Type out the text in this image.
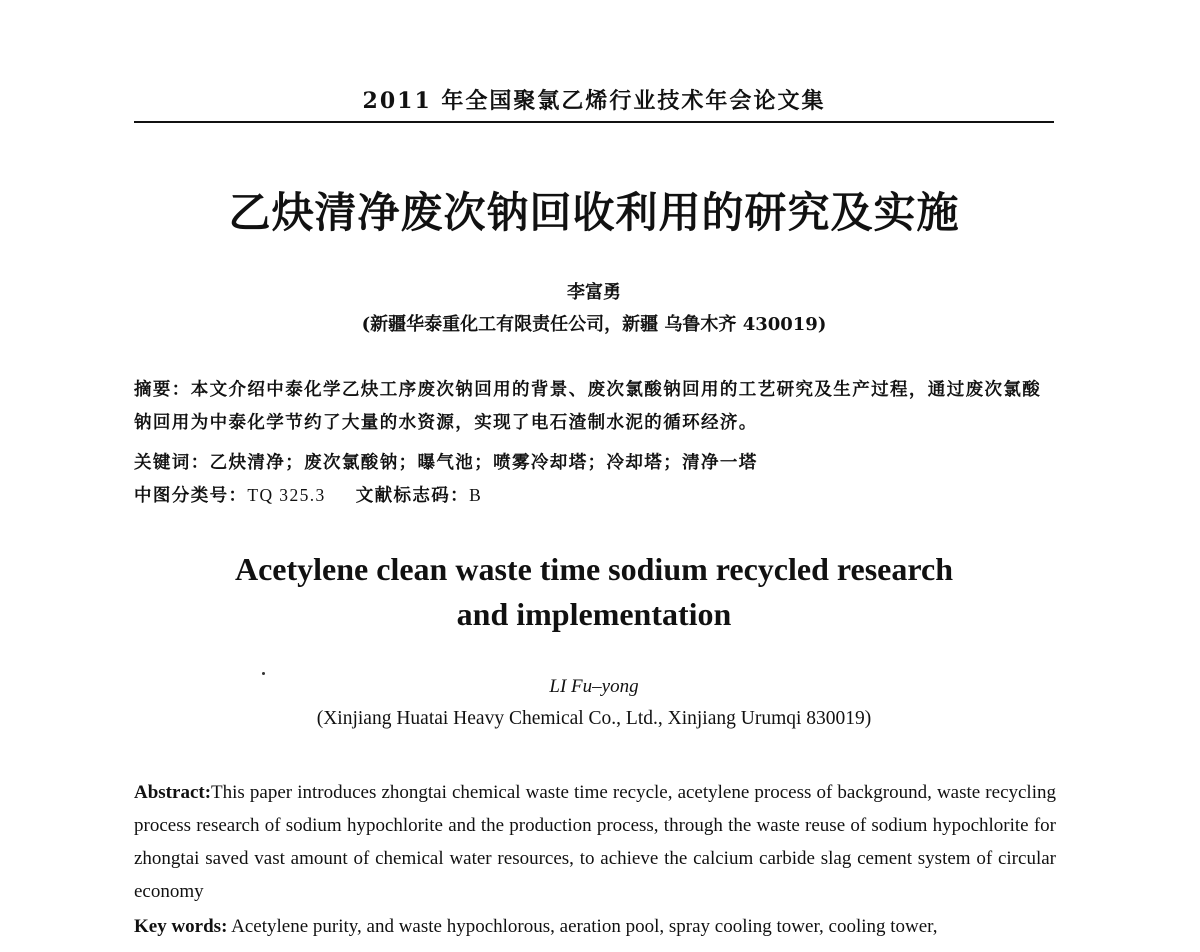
2011 年全国聚氯乙烯行业技术年会论文集
乙炔清净废次钠回收利用的研究及实施
李富勇
(新疆华泰重化工有限责任公司，新疆 乌鲁木齐 430019)
摘要：本文介绍中泰化学乙炔工序废次钠回用的背景、废次氯酸钠回用的工艺研究及生产过程，通过废次氯酸钠回用为中泰化学节约了大量的水资源，实现了电石渣制水泥的循环经济。
关键词：乙炔清净；废次氯酸钠；曝气池；喷雾冷却塔；冷却塔；清净一塔
中图分类号：TQ 325.3 文献标志码：B
Acetylene clean waste time sodium recycled research
and implementation
LI Fu–yong
(Xinjiang Huatai Heavy Chemical Co., Ltd., Xinjiang Urumqi 830019)
Abstract:This paper introduces zhongtai chemical waste time recycle, acetylene process of background, waste recycling process research of sodium hypochlorite and the production process, through the waste reuse of sodium hypochlorite for zhongtai saved vast amount of chemical water resources, to achieve the calcium carbide slag cement system of circular economy
Key words: Acetylene purity, and waste hypochlorous, aeration pool, spray cooling tower, cooling tower,
